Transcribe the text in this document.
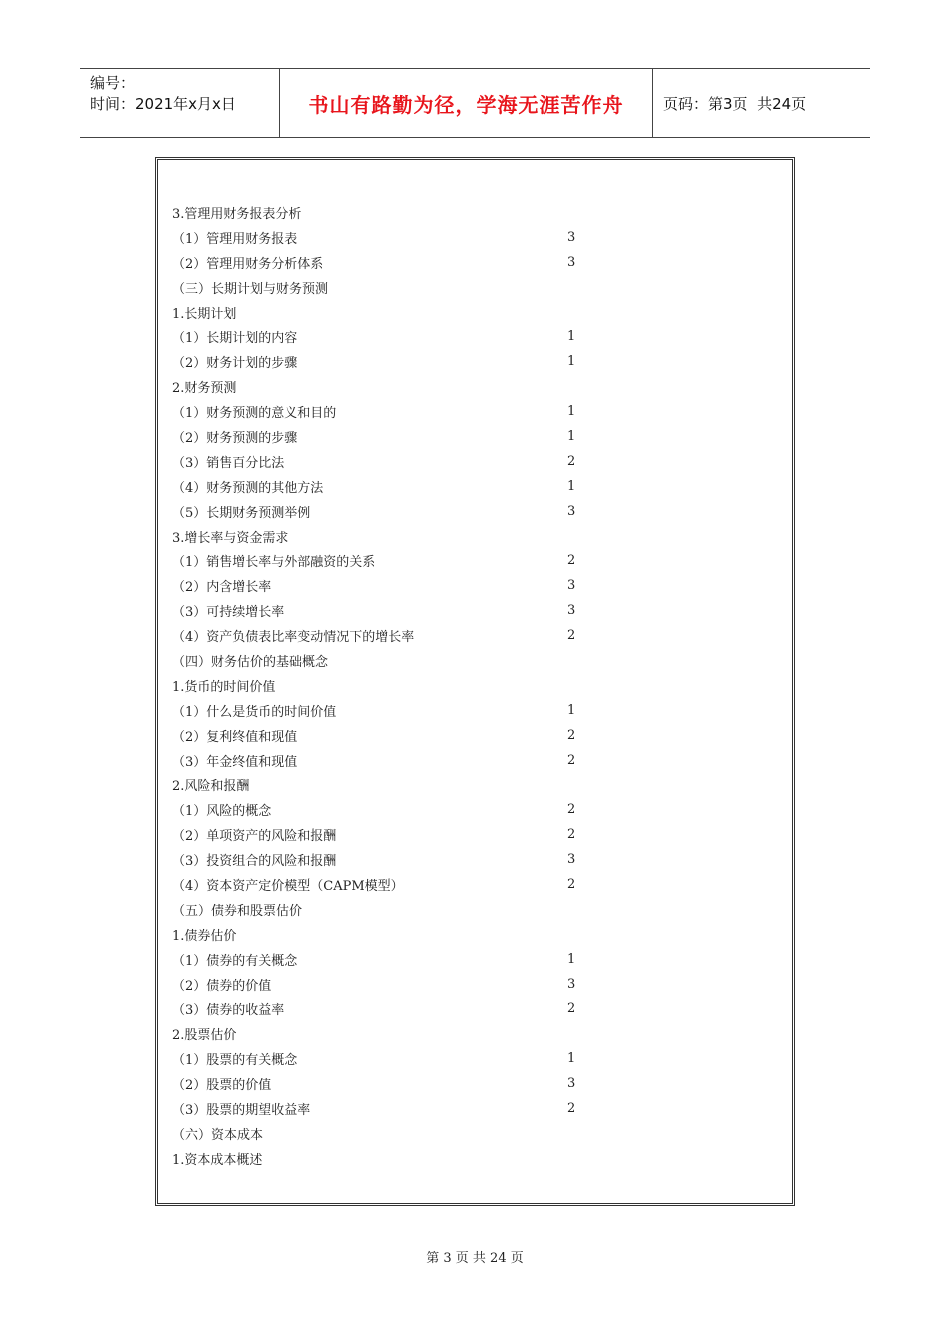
编号：
时间：2021年x月x日	书山有路勤为径，学海无涯苦作舟	页码：第3页  共24页
3.管理用财务报表分析
（1）管理用财务报表	3
（2）管理用财务分析体系	3
（三）长期计划与财务预测
1.长期计划
（1）长期计划的内容	1
（2）财务计划的步骤	1
2.财务预测
（1）财务预测的意义和目的	1
（2）财务预测的步骤	1
（3）销售百分比法	2
（4）财务预测的其他方法	1
（5）长期财务预测举例	3
3.增长率与资金需求
（1）销售增长率与外部融资的关系	2
（2）内含增长率	3
（3）可持续增长率	3
（4）资产负债表比率变动情况下的增长率	2
（四）财务估价的基础概念
1.货币的时间价值
（1）什么是货币的时间价值	1
（2）复利终值和现值	2
（3）年金终值和现值	2
2.风险和报酬
（1）风险的概念	2
（2）单项资产的风险和报酬	2
（3）投资组合的风险和报酬	3
（4）资本资产定价模型（CAPM模型）	2
（五）债券和股票估价
1.债券估价
（1）债券的有关概念	1
（2）债券的价值	3
（3）债券的收益率	2
2.股票估价
（1）股票的有关概念	1
（2）股票的价值	3
（3）股票的期望收益率	2
（六）资本成本
1.资本成本概述
第 3 页 共 24 页
